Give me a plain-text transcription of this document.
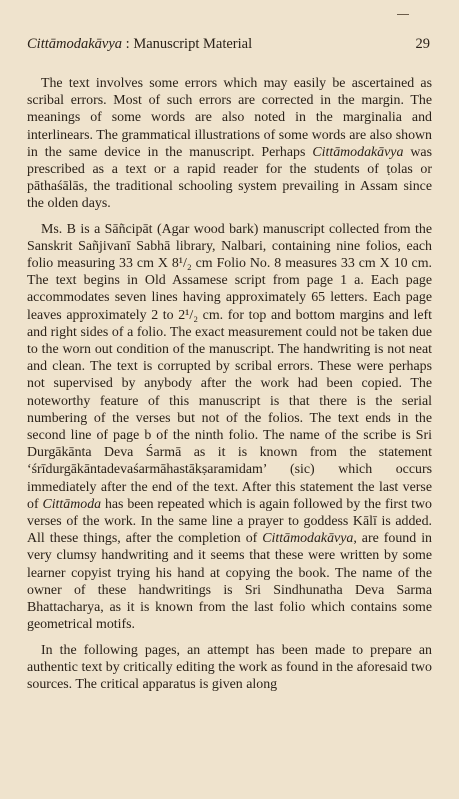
Cittāmodakāvya : Manuscript Material	29

The text involves some errors which may easily be ascertained as scribal errors. Most of such errors are corrected in the margin. The meanings of some words are also noted in the marginalia and interlinears. The grammatical illustrations of some words are also shown in the same device in the manuscript. Perhaps Cittāmodakāvya was prescribed as a text or a rapid reader for the students of ṭolas or pāthaśālās, the traditional schooling system prevailing in Assam since the olden days.

Ms. B is a Sāñcipāt (Agar wood bark) manuscript collected from the Sanskrit Sañjivanī Sabhā library, Nalbari, containing nine folios, each folio measuring 33 cm X 8¹/₂ cm Folio No. 8 measures 33 cm X 10 cm. The text begins in Old Assamese script from page 1 a. Each page accommodates seven lines having approximately 65 letters. Each page leaves approximately 2 to 2¹/₂ cm. for top and bottom margins and left and right sides of a folio. The exact measurement could not be taken due to the worn out condition of the manuscript. The handwriting is not neat and clean. The text is corrupted by scribal errors. These were perhaps not supervised by anybody after the work had been copied. The noteworthy feature of this manuscript is that there is the serial numbering of the verses but not of the folios. The text ends in the second line of page b of the ninth folio. The name of the scribe is Sri Durgākānta Deva Śarmā as it is known from the statement ‘śrīdurgākāntadevaśarmāhastākṣaramidam’ (sic) which occurs immediately after the end of the text. After this statement the last verse of Cittāmoda has been repeated which is again followed by the first two verses of the work. In the same line a prayer to goddess Kālī is added. All these things, after the completion of Cittāmodakāvya, are found in very clumsy handwriting and it seems that these were written by some learner copyist trying his hand at copying the book. The name of the owner of these handwritings is Sri Sindhunatha Deva Sarma Bhattacharya, as it is known from the last folio which contains some geometrical motifs.

In the following pages, an attempt has been made to prepare an authentic text by critically editing the work as found in the aforesaid two sources. The critical apparatus is given along
